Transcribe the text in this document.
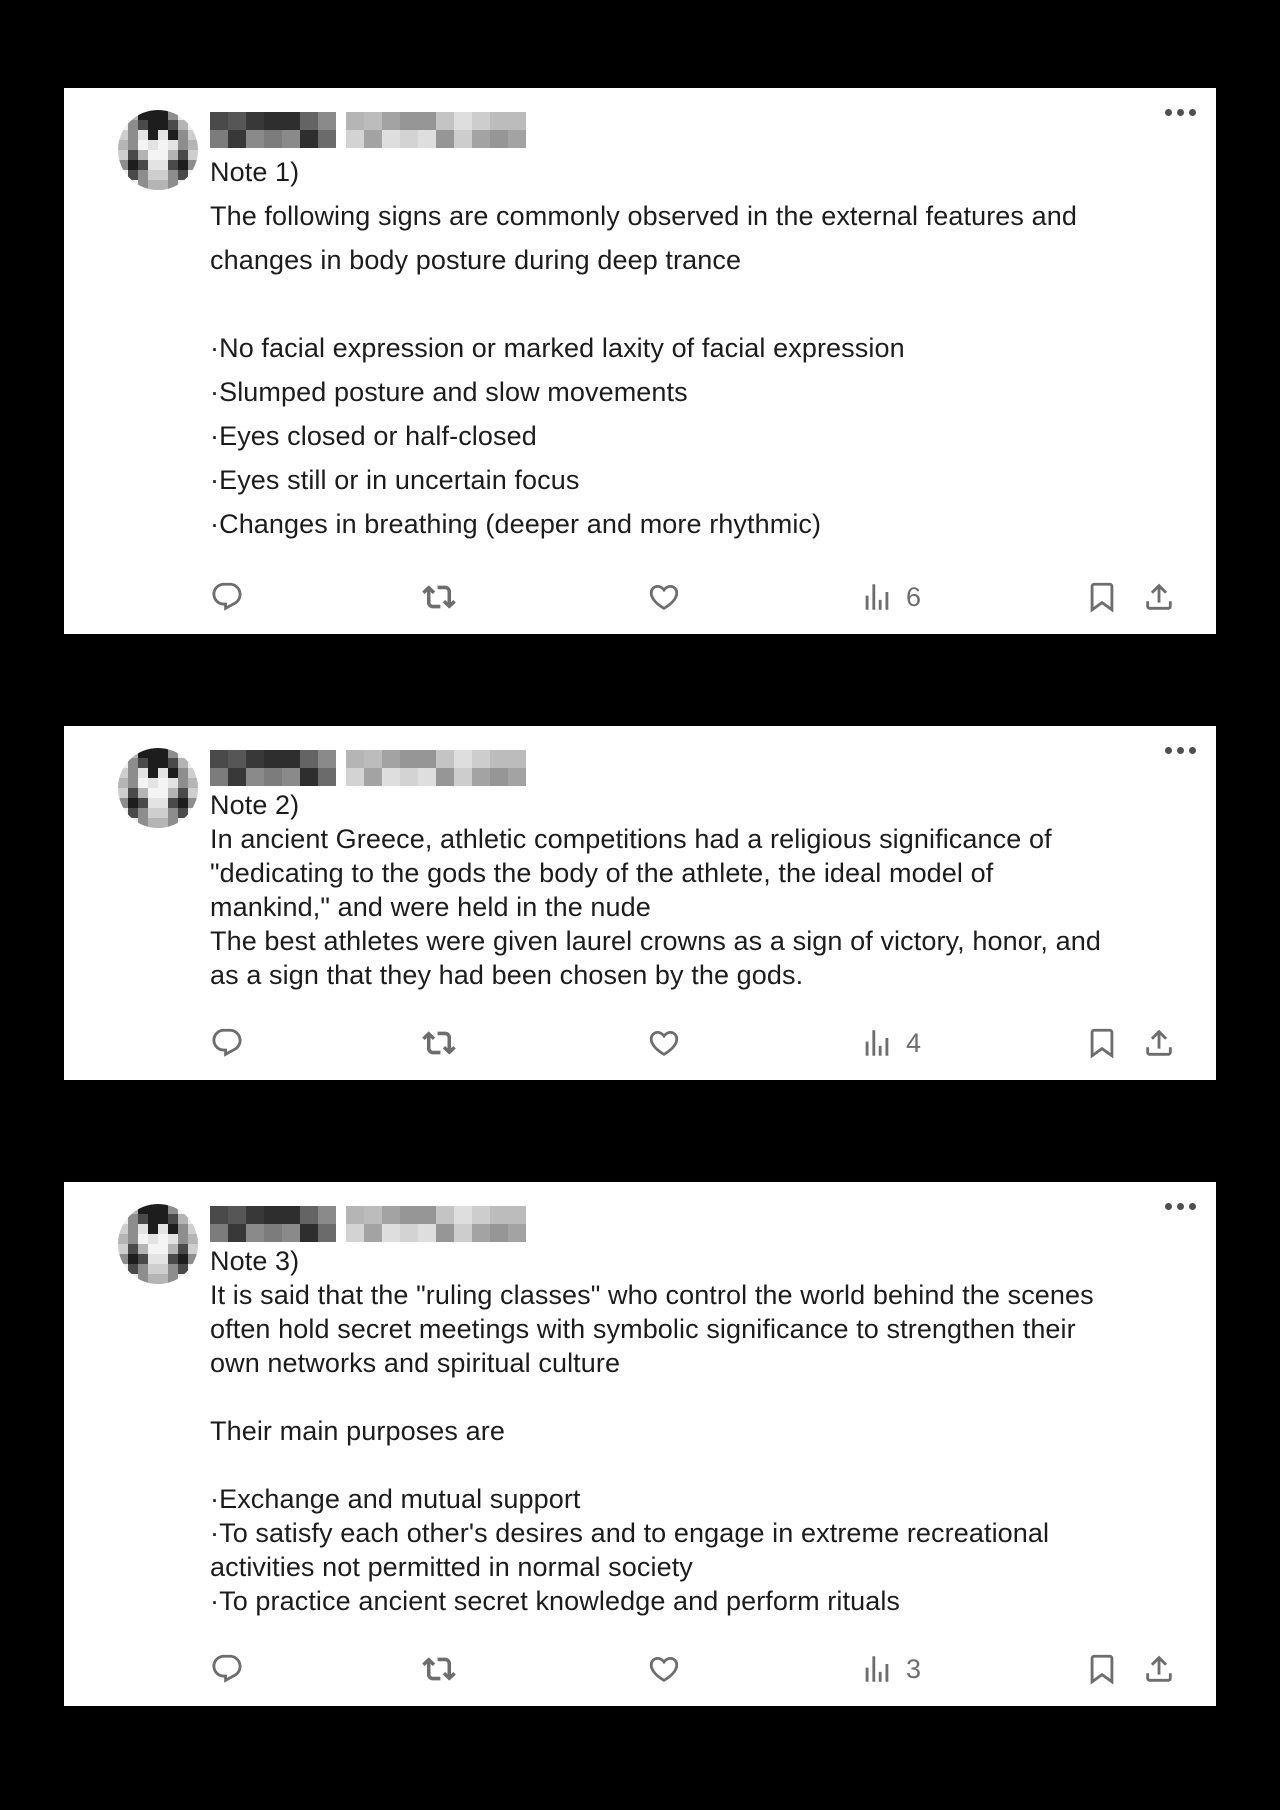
Note 1)
The following signs are commonly observed in the external features and
changes in body posture during deep trance

·No facial expression or marked laxity of facial expression
·Slumped posture and slow movements
·Eyes closed or half-closed
·Eyes still or in uncertain focus
·Changes in breathing (deeper and more rhythmic)
6
Note 2)
In ancient Greece, athletic competitions had a religious significance of
"dedicating to the gods the body of the athlete, the ideal model of
mankind," and were held in the nude
The best athletes were given laurel crowns as a sign of victory, honor, and
as a sign that they had been chosen by the gods.
4
Note 3)
It is said that the "ruling classes" who control the world behind the scenes
often hold secret meetings with symbolic significance to strengthen their
own networks and spiritual culture

Their main purposes are

·Exchange and mutual support
·To satisfy each other's desires and to engage in extreme recreational
activities not permitted in normal society
·To practice ancient secret knowledge and perform rituals
3
